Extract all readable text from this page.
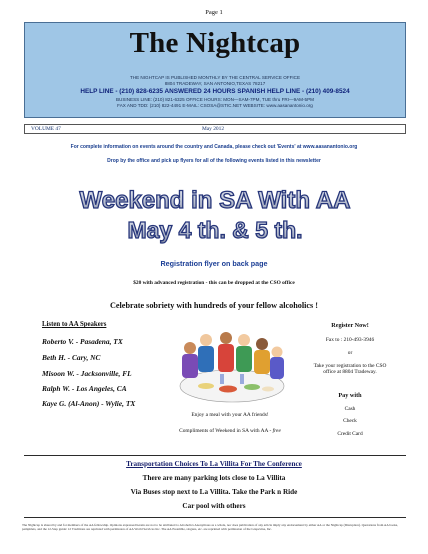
Page 1
The Nightcap
THE NIGHTCAP IS PUBLISHED MONTHLY BY THE CENTRAL SERVICE OFFICE
8804 TRADEWAY, SAN ANTONIO,TEXAS 78217
HELP LINE - (210) 828-6235 ANSWERED 24 HOURS SPANISH HELP LINE - (210) 409-8524
BUSINESS LINE: (210) 821-6325 OFFICE HOURS: MON—SAM-7PM, TUE thru FRI—9AM-5PM
FAX AND TDD: (210) 822-4491 E-MAIL: CSOSA@STIC.NET WEBSITE: www.aasanantonio.org
VOLUME 47	May 2012
For complete information on events around the country and Canada, please check out 'Events' at www.aasanantonio.org
Drop by the office and pick up flyers for all of the following events listed in this newsletter
Weekend in SA With AA
May 4 th. & 5 th.
Registration flyer on back page
$20 with advanced registration - this can be dropped at the CSO office
Celebrate sobriety with hundreds of your fellow alcoholics !
Listen to AA Speakers
Roberto V. - Pasadena, TX
Beth H. - Cary, NC
Misoon W. - Jacksonville, FL
Ralph W. - Los Angeles, CA
Kaye G. (Al-Anon) - Wylie, TX
Enjoy a meal with your AA friends!
Compliments of Weekend in SA with AA - free
Register Now!
Fax to : 210-493-3946
or
Take your registration to the CSO office at 8804 Tradeway.
Pay with
Cash
Check
Credit Card
Transportation Choices To La Villita For The Conference
There are many parking lots close to La Villita
Via Buses stop next to La Villita. Take the Park n Ride
Car pool with others
The Nightcap is shared by and for members of the AA fellowship. Opinions expressed herein are not to be attributed to Alcoholics Anonymous as a whole, nor does publication of any article imply any endorsement by either AA or the Nightcap (Disruption). Quotations from AA books, pamphlets, and the 12-Step guide/ 12 Traditions are reprinted with permission of AA World Services Inc. The AA Preamble, slogans, etc. are reprinted with permission of the Grapevine, Inc.
